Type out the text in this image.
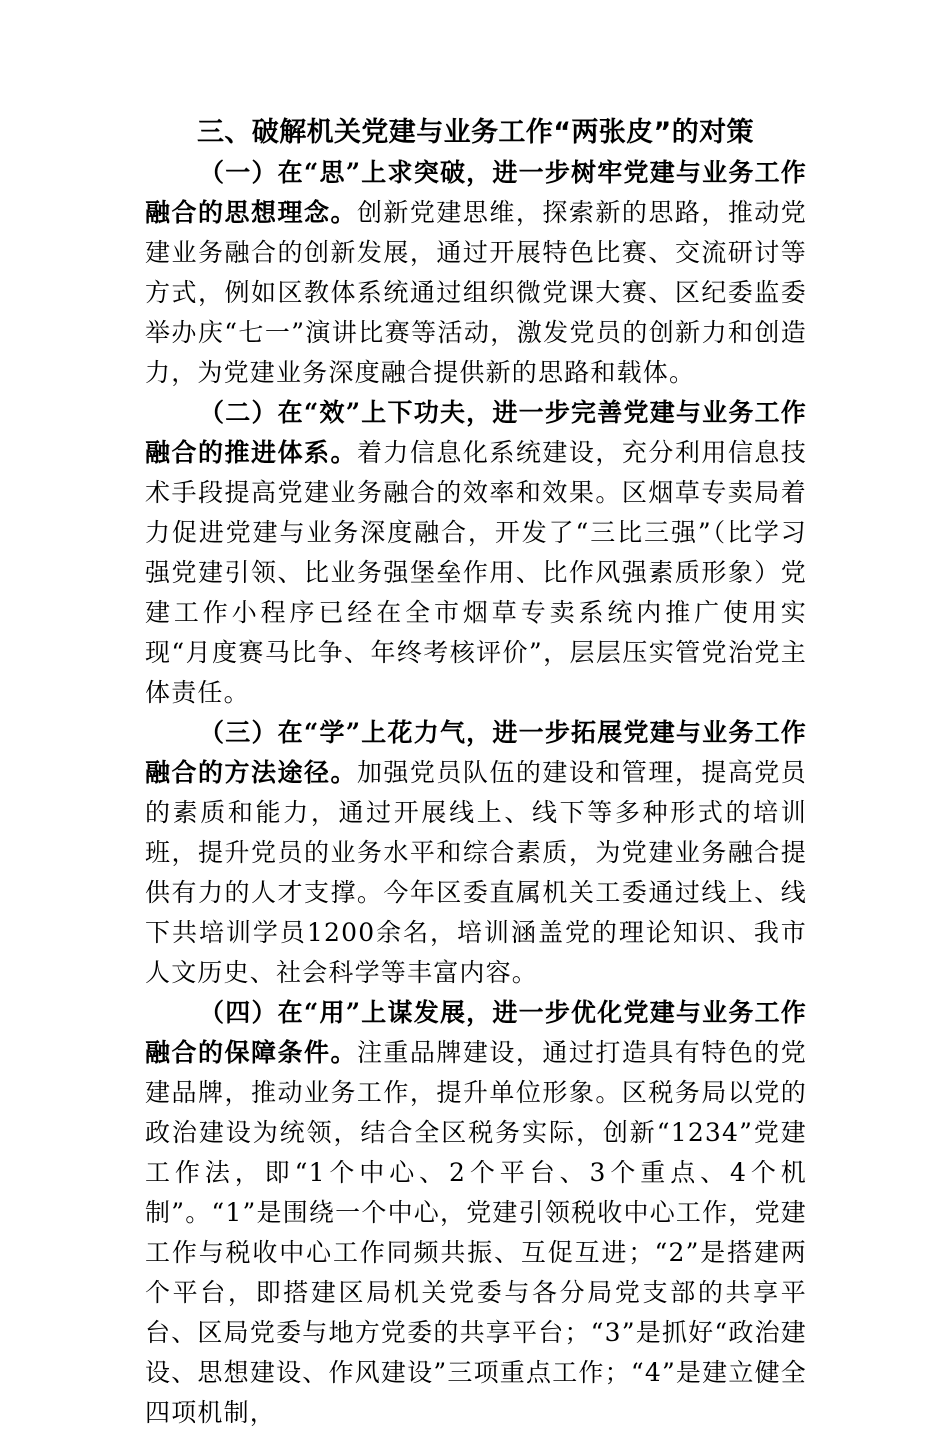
三、破解机关党建与业务工作“两张皮”的对策

（一）在“思”上求突破，进一步树牢党建与业务工作融合的思想理念。创新党建思维，探索新的思路，推动党建业务融合的创新发展，通过开展特色比赛、交流研讨等方式，例如区教体系统通过组织微党课大赛、区纪委监委举办庆“七一”演讲比赛等活动，激发党员的创新力和创造力，为党建业务深度融合提供新的思路和载体。

（二）在“效”上下功夫，进一步完善党建与业务工作融合的推进体系。着力信息化系统建设，充分利用信息技术手段提高党建业务融合的效率和效果。区烟草专卖局着力促进党建与业务深度融合，开发了“三比三强”（比学习强党建引领、比业务强堡垒作用、比作风强素质形象）党建工作小程序已经在全市烟草专卖系统内推广使用实现“月度赛马比争、年终考核评价”，层层压实管党治党主体责任。

（三）在“学”上花力气，进一步拓展党建与业务工作融合的方法途径。加强党员队伍的建设和管理，提高党员的素质和能力，通过开展线上、线下等多种形式的培训班，提升党员的业务水平和综合素质，为党建业务融合提供有力的人才支撑。今年区委直属机关工委通过线上、线下共培训学员1200余名，培训涵盖党的理论知识、我市人文历史、社会科学等丰富内容。

（四）在“用”上谋发展，进一步优化党建与业务工作融合的保障条件。注重品牌建设，通过打造具有特色的党建品牌，推动业务工作，提升单位形象。区税务局以党的政治建设为统领，结合全区税务实际，创新“1234”党建工作法，即“1个中心、2个平台、3个重点、4个机制”。“1”是围绕一个中心，党建引领税收中心工作，党建工作与税收中心工作同频共振、互促互进；“2”是搭建两个平台，即搭建区局机关党委与各分局党支部的共享平台、区局党委与地方党委的共享平台；“3”是抓好“政治建设、思想建设、作风建设”三项重点工作；“4”是建立健全四项机制，
